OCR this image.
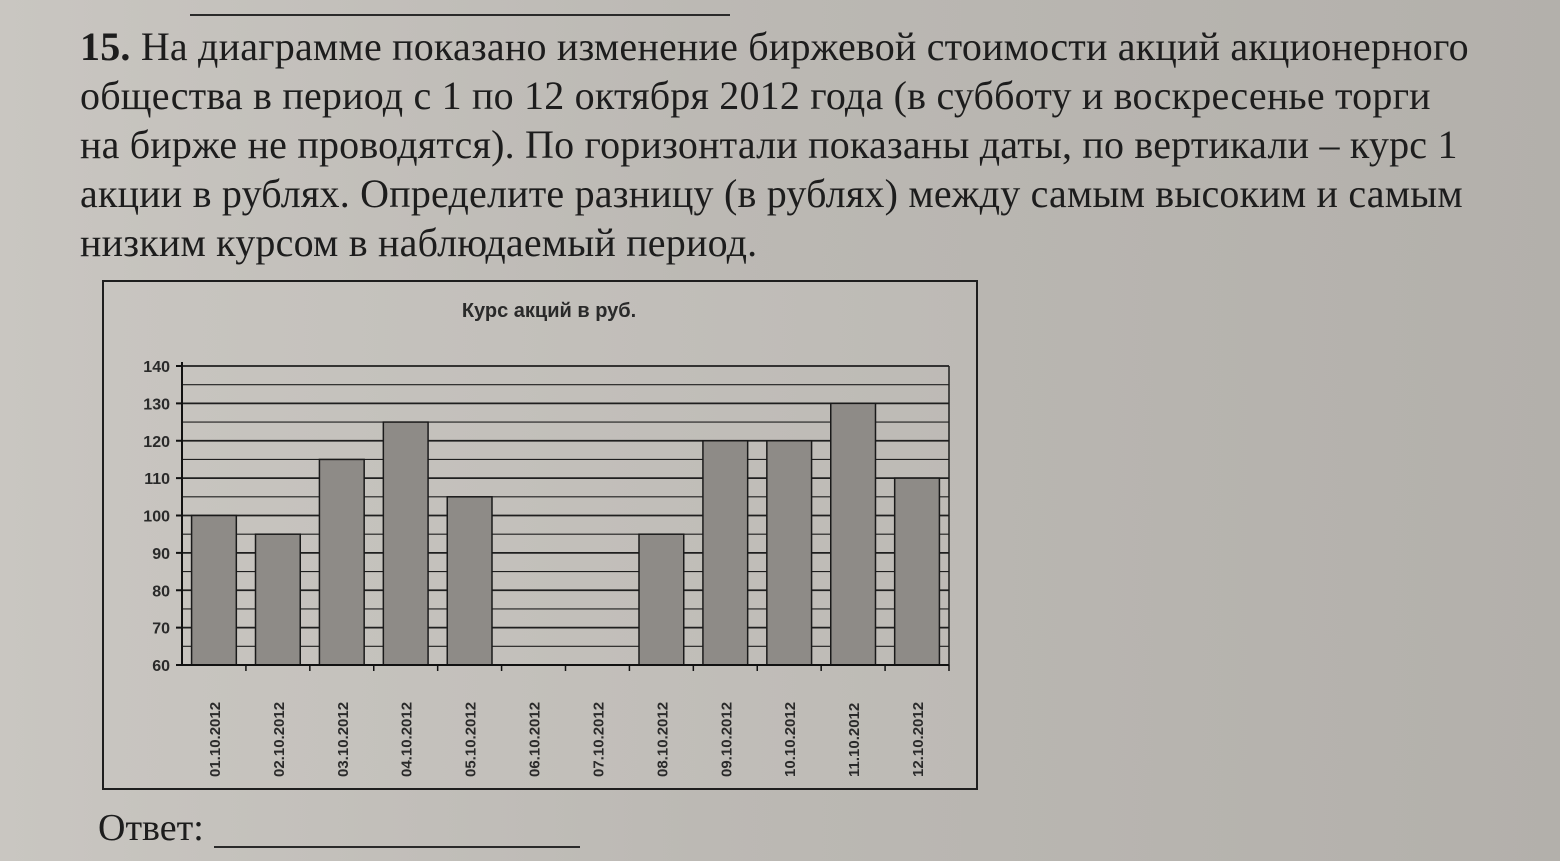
15. На диаграмме показано изменение биржевой стоимости акций акционерного общества в период с 1 по 12 октября 2012 года (в субботу и воскресенье торги на бирже не проводятся). По горизонтали показаны даты, по вертикали – курс 1 акции в рублях. Определите разницу (в рублях) между самым высоким и самым низким курсом в наблюдаемый период.
Курс акций в руб.
60
70
80
90
100
110
120
130
140
01.10.2012	02.10.2012	03.10.2012	04.10.2012	05.10.2012	06.10.2012	07.10.2012	08.10.2012	09.10.2012	10.10.2012	11.10.2012	12.10.2012
Ответ:
